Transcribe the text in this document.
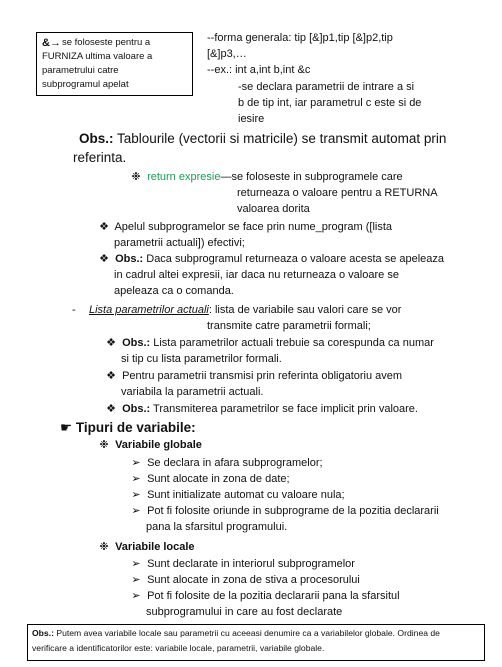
&→ se foloseste pentru a
FURNIZA ultima valoare a
parametrului catre
subprogramul apelat
--forma generala: tip [&]p1,tip [&]p2,tip
[&]p3,…
--ex.: int a,int b,int &c
-se declara parametrii de intrare a si
b de tip int, iar parametrul c este si de
iesire
Obs.: Tablourile (vectorii si matricile) se transmit automat prin
referinta.
❉ return expresie—se foloseste in subprogramele care
returneaza o valoare pentru a RETURNA
valoarea dorita
❖ Apelul subprogramelor se face prin nume_program ([lista
parametrii actuali]) efectivi;
❖ Obs.: Daca subprogramul returneaza o valoare acesta se apeleaza
in cadrul altei expresii, iar daca nu returneaza o valoare se
apeleaza ca o comanda.
- Lista parametrilor actuali: lista de variabile sau valori care se vor
transmite catre parametrii formali;
❖ Obs.: Lista parametrilor actuali trebuie sa corespunda ca numar
si tip cu lista parametrilor formali.
❖ Pentru parametrii transmisi prin referinta obligatoriu avem
variabila la parametrii actuali.
❖ Obs.: Transmiterea parametrilor se face implicit prin valoare.
☛ Tipuri de variabile:
❉ Variabile globale
➢ Se declara in afara subprogramelor;
➢ Sunt alocate in zona de date;
➢ Sunt initializate automat cu valoare nula;
➢ Pot fi folosite oriunde in subprograme de la pozitia declararii
pana la sfarsitul programului.
❉ Variabile locale
➢ Sunt declarate in interiorul subprogramelor
➢ Sunt alocate in zona de stiva a procesorului
➢ Pot fi folosite de la pozitia declararii pana la sfarsitul
subprogramului in care au fost declarate
Obs.: Putem avea variabile locale sau parametrii cu aceeasi denumire ca a variabilelor globale. Ordinea de
verificare a identificatorilor este: variabile locale, parametrii, variabile globale.
